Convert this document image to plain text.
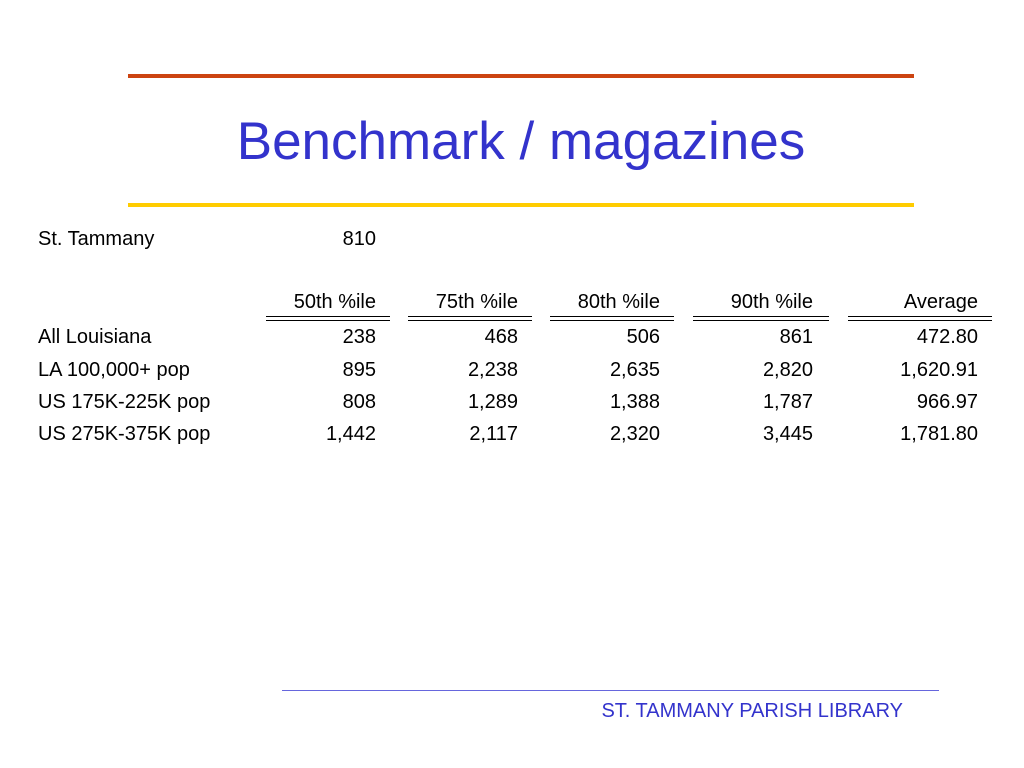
Benchmark / magazines
St. Tammany	810
50th %ile	75th %ile	80th %ile	90th %ile	Average
All Louisiana	238	468	506	861	472.80
LA 100,000+ pop	895	2,238	2,635	2,820	1,620.91
US 175K-225K pop	808	1,289	1,388	1,787	966.97
US 275K-375K pop	1,442	2,117	2,320	3,445	1,781.80
ST. TAMMANY PARISH LIBRARY
